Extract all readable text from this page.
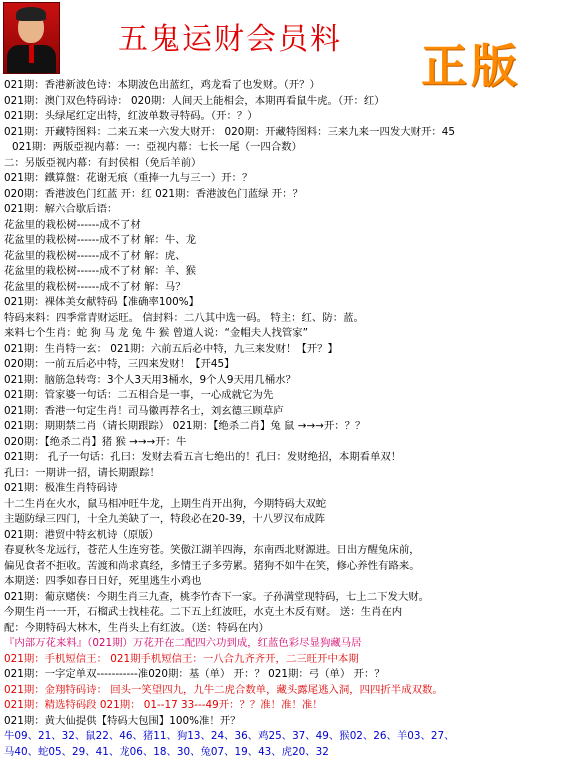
五鬼运财会员料 正版
021期：香港新波色诗：本期波色出蓝红，鸡龙看了也发财。（开？）
021期：澳门双色特码诗： 020期：人间天上能相会，本期再看鼠牛虎。（开：红）
021期：头绿尾红定出特，红波单数寻特码。（开：？）
021期：开藏特图料：二来五来一六发大财开： 020期：开藏特图料：三来九来一四发大财开：45
021期：两版亞视内幕：一：亞视内幕：七长一尾（一四合数）
二：另版亞视内幕：有封侯相（免后羊前）
021期：鐵算盤：花谢无痕（重捧一九与三一）开：？
020期：香港波色门红蓝 开：红 021期：香港波色门蓝绿 开：？
021期：解六合歇后语：
花盆里的栽松树------成不了材
花盆里的栽松树------成不了材 解：牛、龙
花盆里的栽松树------成不了材 解：虎、
花盆里的栽松树------成不了材 解：羊、猴
花盆里的栽松树------成不了材 解：马？
021期：裸体美女献特码【准确率100%】
特码来料：四季常青财运旺。 信封料：二八其中选一码。 特主：红、防：蓝。
来料七个生肖：蛇 狗 马 龙 兔 牛 猴 曾道人说：“金帽夫人找管家”
021期：生肖特一玄： 021期：六前五后必中特，九三来发财！【开？】
020期：一前五后必中特，三四来发财！【开45】
021期：脑筋急转弯：3个人3天用3桶水，9个人9天用几桶水？
021期：管家婆一句话：二五相合是一事，一心成就它为先
021期：香港一句定生肖！司马徽再荐名士，刘玄德三顾草庐
021期：期期禁二肖（请长期跟踪） 021期：【绝杀二肖】兔 鼠 →→→开：？？
020期：【绝杀二肖】猪 猴 →→→开：牛
021期： 孔子一句话：孔曰：发财去看五言七绝出的！孔曰：发财绝招，本期看单双！
孔曰：一期讲一招，请长期跟踪！
021期：极准生肖特码诗
十二生肖在火水，鼠马相冲旺牛龙，上期生肖开出狗，今期特码大双蛇
主题防绿三四门，十全九美缺了一，特段必在20-39，十八罗汉布成阵
021期：港贸中特玄机诗（原版）
春夏秋冬龙远行，苍茫人生连穷苍。笑傲江湖羊四海，东南西北财源进。日出方醒兔床前，
偏见食者不拒收。苦渡和尚求真经，多情王子多劳累。猪狗不如牛在笑，修心养性有路来。
本期送：四季如春日日好，死里逃生小鸡也
021期：葡京赌侠：今期生肖三九查，桃李竹杏下一家。子孙满堂现特码，七上二下发大财。
今期生肖一一开，石榴武士找桂花。二下五上红波旺，水克土木反有财。 送：生肖在内
配：今期特码大林木，生肖头上有红波。（送：特码在内）
『内部万花来料』（021期）万花开在二配四六功到成，红蓝色彩尽显狗藏马居
021期：手机短信王： 021期手机短信王：一八合九齐齐开，二三旺开中本期
021期：一字定单双-----------准020期：基（单） 开：？ 021期：弓（单） 开：？
021期：金翔特码诗： 回头一笑望四九，九牛二虎合数单，藏头露尾逃入洞，四四折半成双数。
021期：精选特码段 021期： 01--17 33---49开：？？准！准！准！
021期：黄大仙提供【特码大包围】100%准！开？
牛09、21、32、鼠22、46、猪11、狗13、24、36、鸡25、37、49、猴02、26、羊03、27、
马40、蛇05、29、41、龙06、18、30、兔07、19、43、虎20、32
